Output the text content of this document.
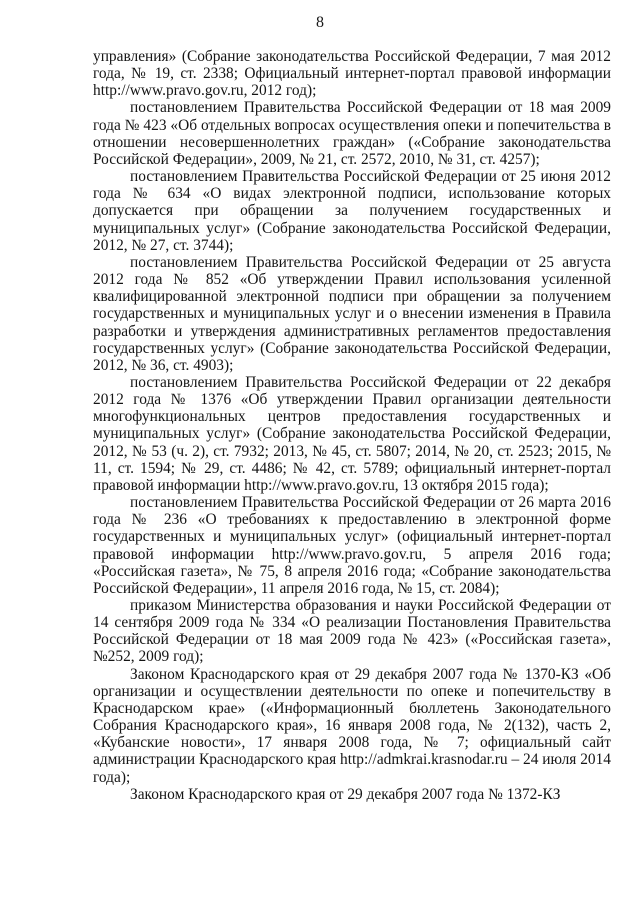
8

управления» (Собрание законодательства Российской Федерации, 7 мая 2012 года, № 19, ст. 2338; Официальный интернет-портал правовой информации http://www.pravo.gov.ru, 2012 год);

постановлением Правительства Российской Федерации от 18 мая 2009 года № 423 «Об отдельных вопросах осуществления опеки и попечительства в отношении несовершеннолетних граждан» («Собрание законодательства Российской Федерации», 2009, № 21, ст. 2572, 2010, № 31, ст. 4257);

постановлением Правительства Российской Федерации от 25 июня 2012 года № 634 «О видах электронной подписи, использование которых допускается при обращении за получением государственных и муниципальных услуг» (Собрание законодательства Российской Федерации, 2012, № 27, ст. 3744);

постановлением Правительства Российской Федерации от 25 августа 2012 года № 852 «Об утверждении Правил использования усиленной квалифицированной электронной подписи при обращении за получением государственных и муниципальных услуг и о внесении изменения в Правила разработки и утверждения административных регламентов предоставления государственных услуг» (Собрание законодательства Российской Федерации, 2012, № 36, ст. 4903);

постановлением Правительства Российской Федерации от 22 декабря 2012 года № 1376 «Об утверждении Правил организации деятельности многофункциональных центров предоставления государственных и муниципальных услуг» (Собрание законодательства Российской Федерации, 2012, № 53 (ч. 2), ст. 7932; 2013, № 45, ст. 5807; 2014, № 20, ст. 2523; 2015, № 11, ст. 1594; № 29, ст. 4486; № 42, ст. 5789; официальный интернет-портал правовой информации http://www.pravo.gov.ru, 13 октября 2015 года);

постановлением Правительства Российской Федерации от 26 марта 2016 года № 236 «О требованиях к предоставлению в электронной форме государственных и муниципальных услуг» (официальный интернет-портал правовой информации http://www.pravo.gov.ru, 5 апреля 2016 года; «Российская газета», № 75, 8 апреля 2016 года; «Собрание законодательства Российской Федерации», 11 апреля 2016 года, № 15, ст. 2084);

приказом Министерства образования и науки Российской Федерации от 14 сентября 2009 года № 334 «О реализации Постановления Правительства Российской Федерации от 18 мая 2009 года № 423» («Российская газета», №252, 2009 год);

Законом Краснодарского края от 29 декабря 2007 года № 1370-КЗ «Об организации и осуществлении деятельности по опеке и попечительству в Краснодарском крае» («Информационный бюллетень Законодательного Собрания Краснодарского края», 16 января 2008 года, № 2(132), часть 2, «Кубанские новости», 17 января 2008 года, № 7; официальный сайт администрации Краснодарского края http://admkrai.krasnodar.ru – 24 июля 2014 года);

Законом Краснодарского края от 29 декабря 2007 года № 1372-КЗ
